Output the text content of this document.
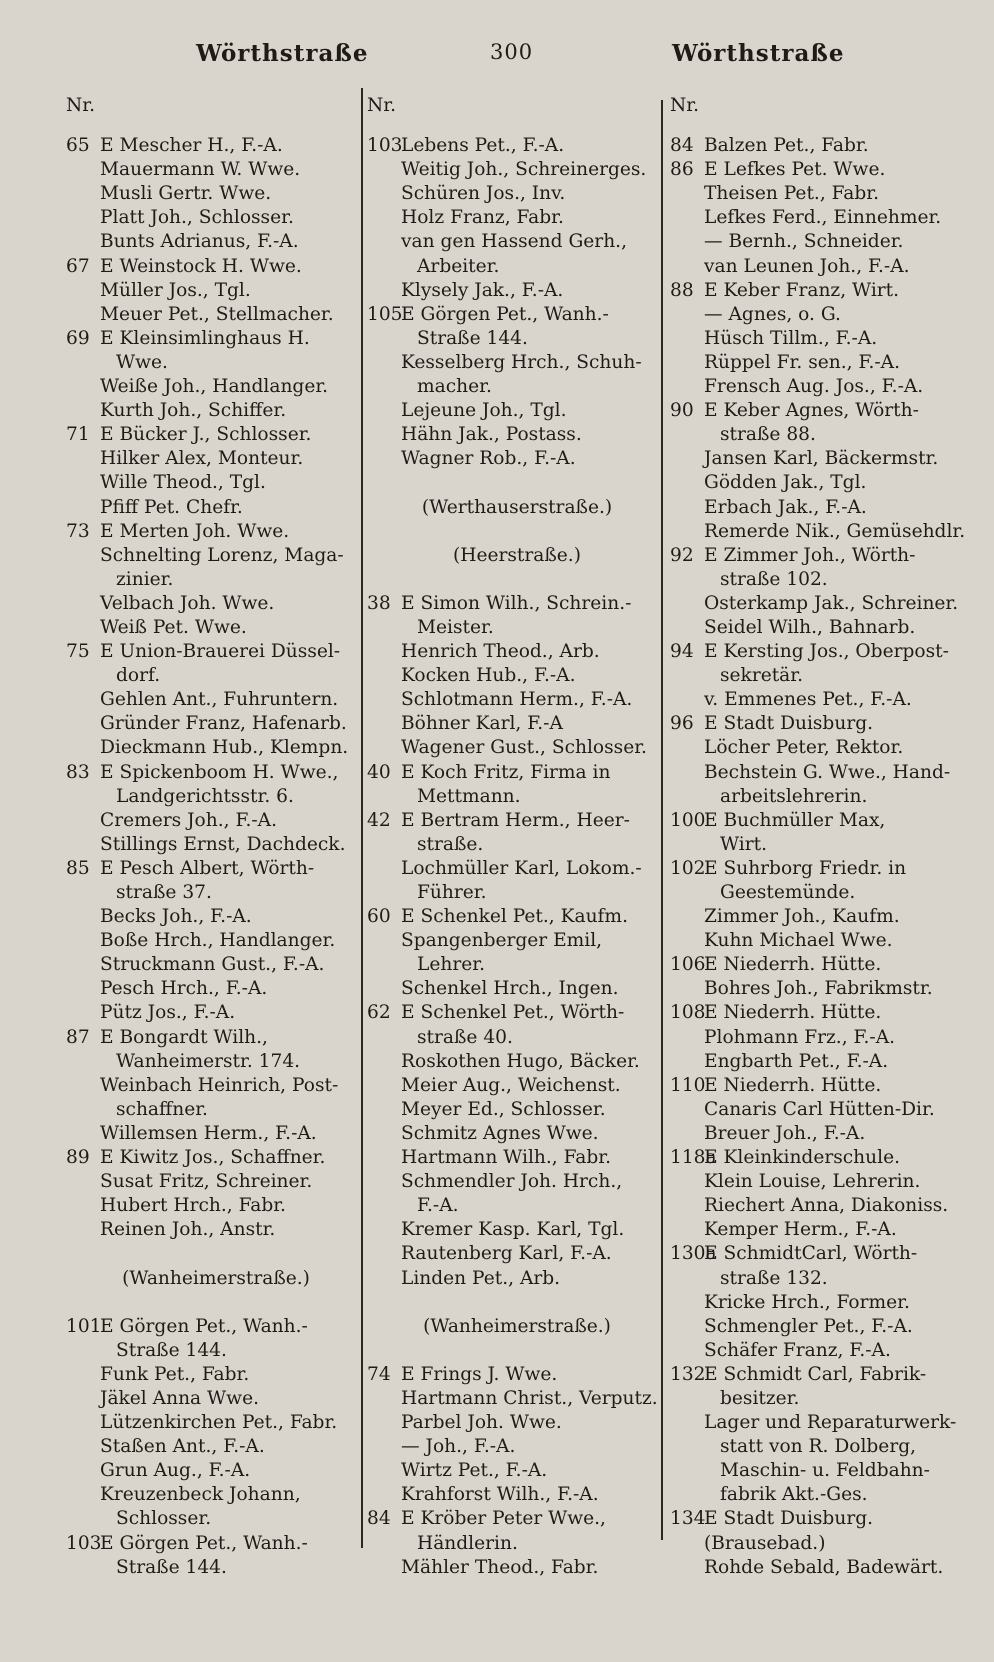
Wörthstraße	300	Wörthstraße
Nr.
65 E Mescher H., F.-A.
Mauermann W. Wwe.
Musli Gertr. Wwe.
Platt Joh., Schlosser.
Bunts Adrianus, F.-A.
67 E Weinstock H. Wwe.
Müller Jos., Tgl.
Meuer Pet., Stellmacher.
69 E Kleinsimlinghaus H.
Wwe.
Weiße Joh., Handlanger.
Kurth Joh., Schiffer.
71 E Bücker J., Schlosser.
Hilker Alex, Monteur.
Wille Theod., Tgl.
Pfiff Pet. Chefr.
73 E Merten Joh. Wwe.
Schnelting Lorenz, Maga-
zinier.
Velbach Joh. Wwe.
Weiß Pet. Wwe.
75 E Union-Brauerei Düssel-
dorf.
Gehlen Ant., Fuhruntern.
Gründer Franz, Hafenarb.
Dieckmann Hub., Klempn.
83 E Spickenboom H. Wwe.,
Landgerichtsstr. 6.
Cremers Joh., F.-A.
Stillings Ernst, Dachdeck.
85 E Pesch Albert, Wörth-
straße 37.
Becks Joh., F.-A.
Boße Hrch., Handlanger.
Struckmann Gust., F.-A.
Pesch Hrch., F.-A.
Pütz Jos., F.-A.
87 E Bongardt Wilh.,
Wanheimerstr. 174.
Weinbach Heinrich, Post-
schaffner.
Willemsen Herm., F.-A.
89 E Kiwitz Jos., Schaffner.
Susat Fritz, Schreiner.
Hubert Hrch., Fabr.
Reinen Joh., Anstr.
(Wanheimerstraße.)
101E Görgen Pet., Wanh.-
Straße 144.
Funk Pet., Fabr.
Jäkel Anna Wwe.
Lützenkirchen Pet., Fabr.
Staßen Ant., F.-A.
Grun Aug., F.-A.
Kreuzenbeck Johann,
Schlosser.
103E Görgen Pet., Wanh.-
Straße 144.
Nr.
103Lebens Pet., F.-A.
Weitig Joh., Schreinerges.
Schüren Jos., Inv.
Holz Franz, Fabr.
van gen Hassend Gerh.,
Arbeiter.
Klysely Jak., F.-A.
105E Görgen Pet., Wanh.-
Straße 144.
Kesselberg Hrch., Schuh-
macher.
Lejeune Joh., Tgl.
Hähn Jak., Postass.
Wagner Rob., F.-A.
(Werthauserstraße.)
(Heerstraße.)
38 E Simon Wilh., Schrein.-
Meister.
Henrich Theod., Arb.
Kocken Hub., F.-A.
Schlotmann Herm., F.-A.
Böhner Karl, F.-A
Wagener Gust., Schlosser.
40 E Koch Fritz, Firma in
Mettmann.
42 E Bertram Herm., Heer-
straße.
Lochmüller Karl, Lokom.-
Führer.
60 E Schenkel Pet., Kaufm.
Spangenberger Emil,
Lehrer.
Schenkel Hrch., Ingen.
62 E Schenkel Pet., Wörth-
straße 40.
Roskothen Hugo, Bäcker.
Meier Aug., Weichenst.
Meyer Ed., Schlosser.
Schmitz Agnes Wwe.
Hartmann Wilh., Fabr.
Schmendler Joh. Hrch.,
F.-A.
Kremer Kasp. Karl, Tgl.
Rautenberg Karl, F.-A.
Linden Pet., Arb.
(Wanheimerstraße.)
74 E Frings J. Wwe.
Hartmann Christ., Verputz.
Parbel Joh. Wwe.
— Joh., F.-A.
Wirtz Pet., F.-A.
Krahforst Wilh., F.-A.
84 E Kröber Peter Wwe.,
Händlerin.
Mähler Theod., Fabr.
Nr.
84 Balzen Pet., Fabr.
86 E Lefkes Pet. Wwe.
Theisen Pet., Fabr.
Lefkes Ferd., Einnehmer.
— Bernh., Schneider.
van Leunen Joh., F.-A.
88 E Keber Franz, Wirt.
— Agnes, o. G.
Hüsch Tillm., F.-A.
Rüppel Fr. sen., F.-A.
Frensch Aug. Jos., F.-A.
90 E Keber Agnes, Wörth-
straße 88.
Jansen Karl, Bäckermstr.
Gödden Jak., Tgl.
Erbach Jak., F.-A.
Remerde Nik., Gemüsehdlr.
92 E Zimmer Joh., Wörth-
straße 102.
Osterkamp Jak., Schreiner.
Seidel Wilh., Bahnarb.
94 E Kersting Jos., Oberpost-
sekretär.
v. Emmenes Pet., F.-A.
96 E Stadt Duisburg.
Löcher Peter, Rektor.
Bechstein G. Wwe., Hand-
arbeitslehrerin.
100E Buchmüller Max,
Wirt.
102E Suhrborg Friedr. in
Geestemünde.
Zimmer Joh., Kaufm.
Kuhn Michael Wwe.
106E Niederrh. Hütte.
Bohres Joh., Fabrikmstr.
108E Niederrh. Hütte.
Plohmann Frz., F.-A.
Engbarth Pet., F.-A.
110E Niederrh. Hütte.
Canaris Carl Hütten-Dir.
Breuer Joh., F.-A.
118aE Kleinkinderschule.
Klein Louise, Lehrerin.
Riechert Anna, Diakoniss.
Kemper Herm., F.-A.
130aE SchmidtCarl, Wörth-
straße 132.
Kricke Hrch., Former.
Schmengler Pet., F.-A.
Schäfer Franz, F.-A.
132E Schmidt Carl, Fabrik-
besitzer.
Lager und Reparaturwerk-
statt von R. Dolberg,
Maschin- u. Feldbahn-
fabrik Akt.-Ges.
134E Stadt Duisburg.
(Brausebad.)
Rohde Sebald, Badewärt.
